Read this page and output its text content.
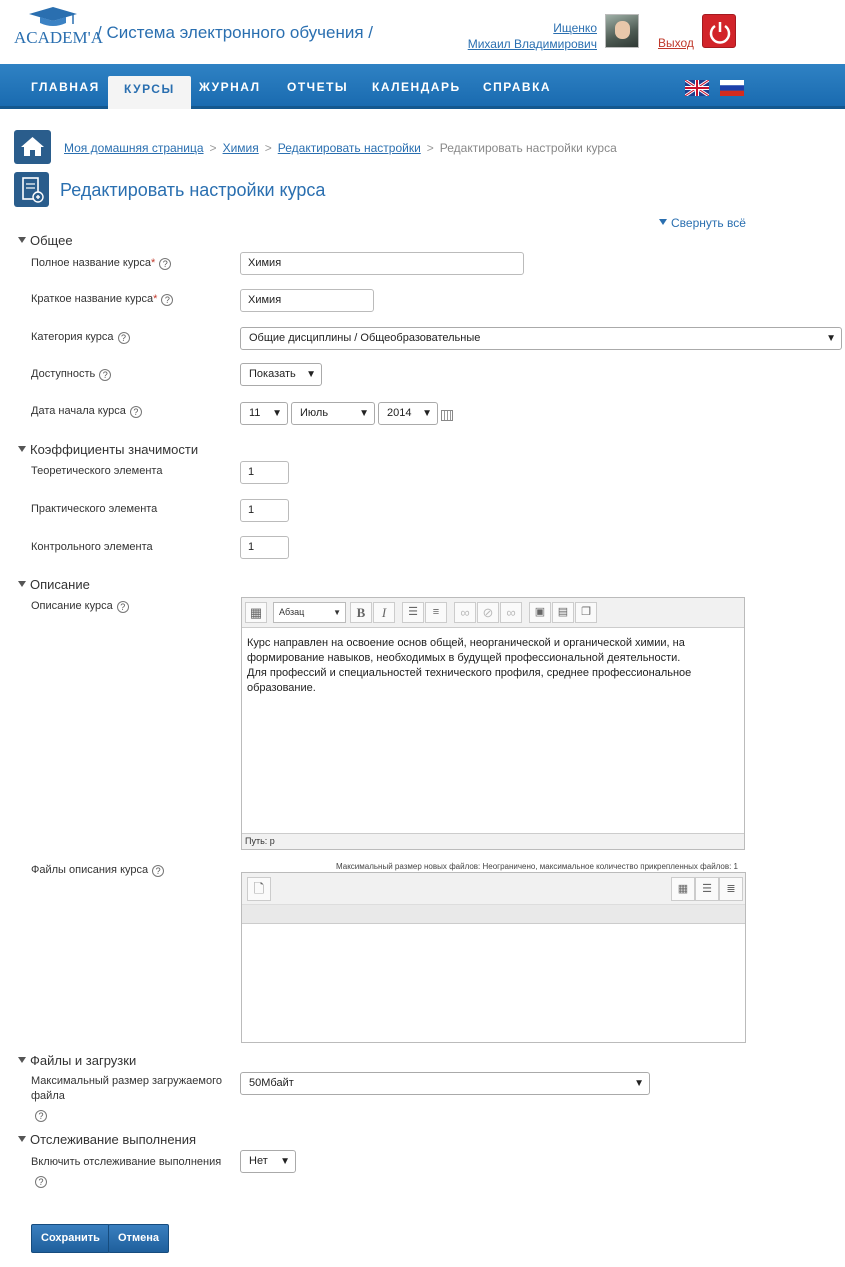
ACADEM'A
/ Система электронного обучения /	Ищенко
Михаил Владимирович	Выход
ГЛАВНАЯ	КУРСЫ	ЖУРНАЛ ОТЧЕТЫ КАЛЕНДАРЬ СПРАВКА
Моя домашняя страница > Химия > Редактировать настройки > Редактировать настройки курса
Редактировать настройки курса
Свернуть всё
Общее
Полное название курса* ?	Химия
Краткое название курса* ?	Химия
Категория курса ?	Общие дисциплины / Общеобразовательные	▼
Доступность ?	Показать ▼
Дата начала курса ?	11 ▼	Июль	▼	2014 ▼
Коэффициенты значимости
Теоретического элемента	1
Практического элемента	1
Контрольного элемента	1
Описание
Описание курса ?	▦	Абзац	▼	B	I	☰	≡	∞ ⊘ ∞	▣	▤	❐
Курс направлен на освоение основ общей, неорганической и органической химии, на формирование навыков, необходимых в будущей профессиональной деятельности.
Для профессий и специальностей технического профиля, среднее профессиональное образование.
Путь: p
Файлы описания курса ?	Максимальный размер новых файлов: Неограничено, максимальное количество прикрепленных файлов: 1
🗋	▦	☰	≣
Файлы и загрузки
Максимальный размер загружаемого файла
?
50Мбайт	▼
Отслеживание выполнения
Включить отслеживание выполнения
?
Нет ▼
Сохранить	Отмена
